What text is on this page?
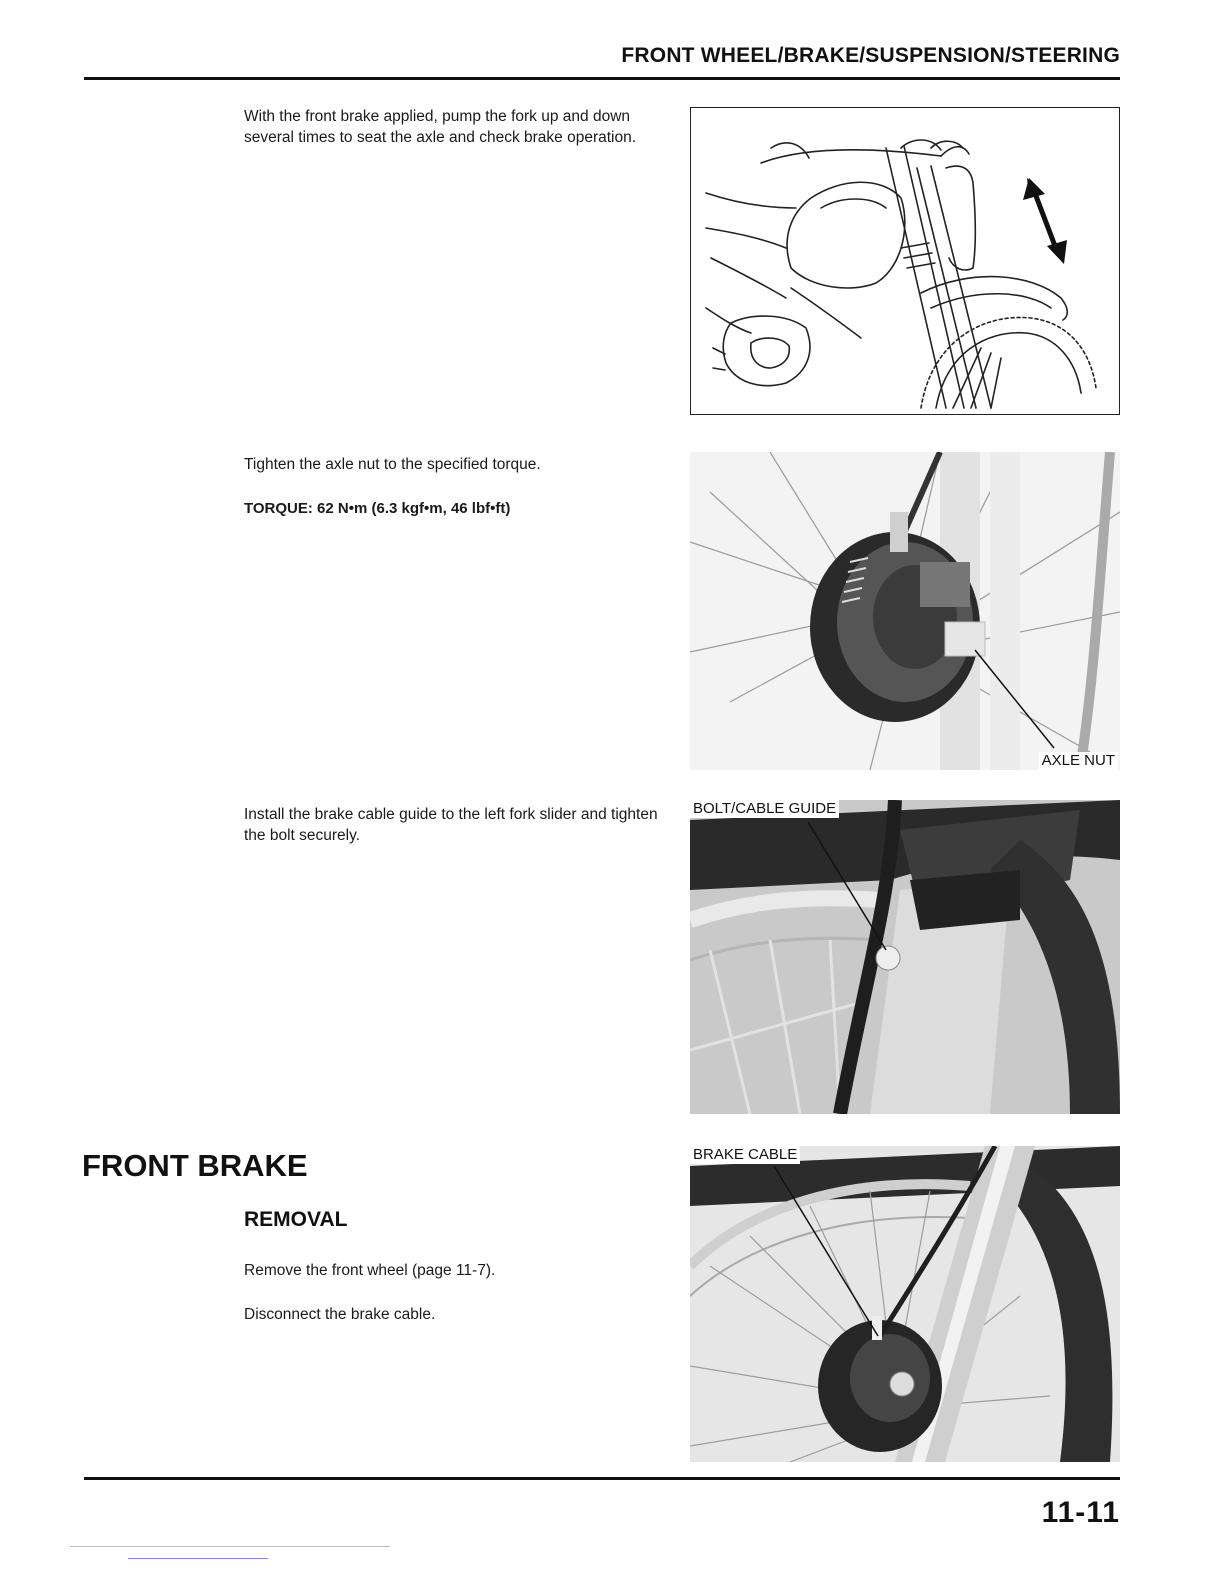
FRONT WHEEL/BRAKE/SUSPENSION/STEERING
With the front brake applied, pump the fork up and down several times to seat the axle and check brake operation.
Tighten the axle nut to the specified torque.
TORQUE: 62 N•m (6.3 kgf•m, 46 lbf•ft)
AXLE NUT
Install the brake cable guide to the left fork slider and tighten the bolt securely.
BOLT/CABLE GUIDE
FRONT BRAKE
REMOVAL
Remove the front wheel (page 11-7).
Disconnect the brake cable.
BRAKE CABLE
11-11
